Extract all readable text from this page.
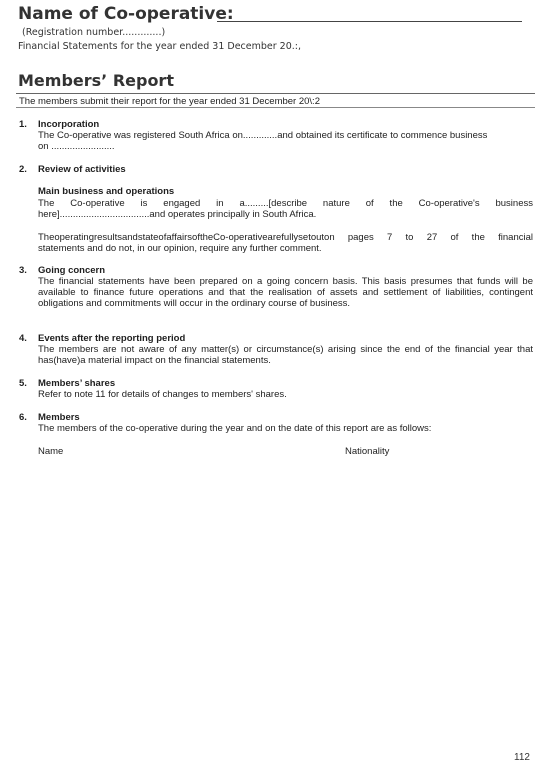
Name of Co-operative:
(Registration number.............)
Financial Statements for the year ended 31 December 20.:,
Members’ Report
The members submit their report for the year ended 31 December 20\:2
1. Incorporation
The Co-operative was registered South Africa on.............and obtained its certificate to commence business
on ........................
2. Review of activities
Main business and operations
The Co-operative is engaged in a.........[describe nature of the Co-operative's business
here]..................................and operates principally in South Africa.
TheoperatingresultsandstateofaffairsoftheCo-operativearefullysetouton pages 7 to 27 of the financial
statements and do not, in our opinion, require any further comment.
3. Going concern
The financial statements have been prepared on a going concern basis. This basis presumes that funds will be available to finance future operations and that the realisation of assets and settlement of liabilities, contingent obligations and commitments will occur in the ordinary course of business.
4. Events after the reporting period
The members are not aware of any matter(s) or circumstance(s) arising since the end of the financial year that has(have)a material impact on the financial statements.
5. Members’ shares
Refer to note 11 for details of changes to members' shares.
6. Members
The members of the co-operative during the year and on the date of this report are as follows:
Name	Nationality
112
